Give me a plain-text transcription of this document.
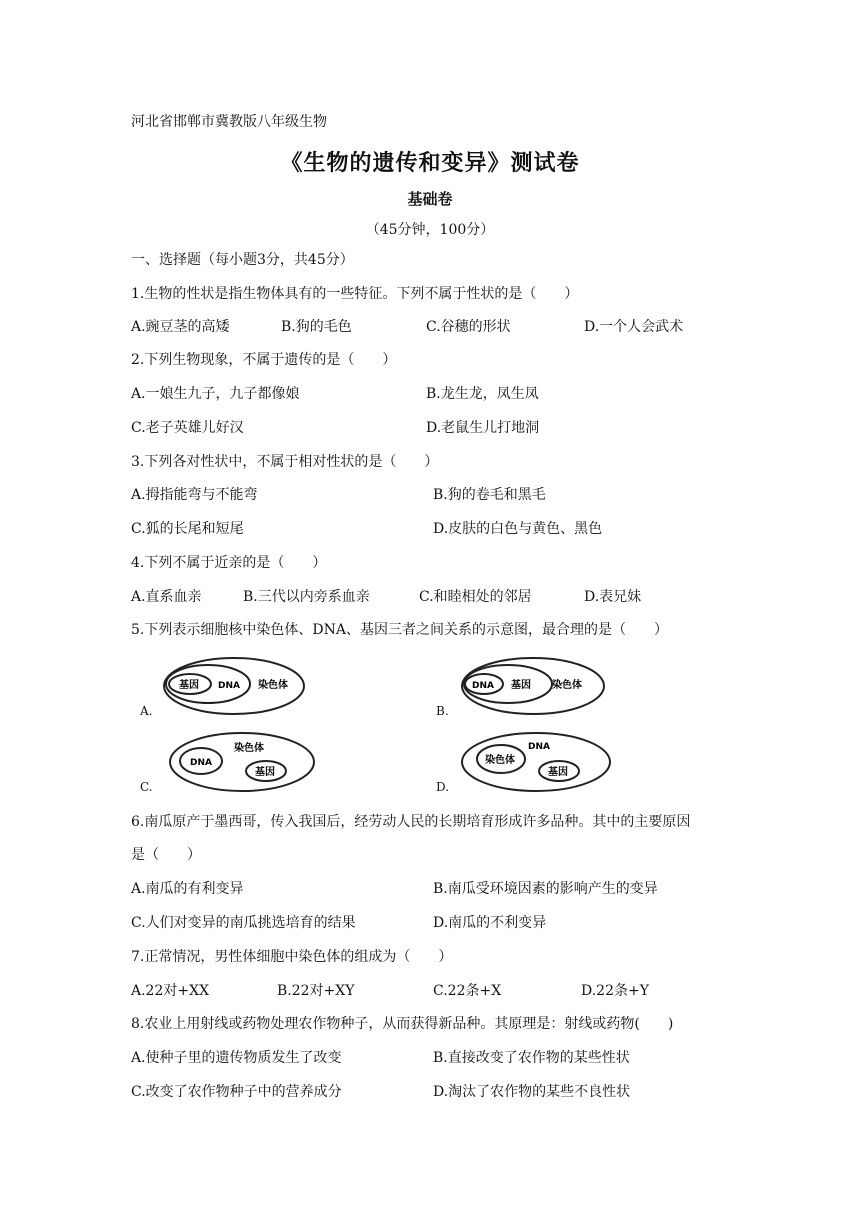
河北省邯郸市冀教版八年级生物
《生物的遗传和变异》测试卷
基础卷
（45分钟，100分）
一、选择题（每小题3分，共45分）
1.生物的性状是指生物体具有的一些特征。下列不属于性状的是（　　）
A.豌豆茎的高矮	B.狗的毛色	C.谷穗的形状	D.一个人会武术
2.下列生物现象，不属于遗传的是（　　）
A.一娘生九子，九子都像娘	B.龙生龙，凤生凤
C.老子英雄儿好汉	D.老鼠生儿打地洞
3.下列各对性状中，不属于相对性状的是（　　）
A.拇指能弯与不能弯	B.狗的卷毛和黑毛
C.狐的长尾和短尾	D.皮肤的白色与黄色、黑色
4.下列不属于近亲的是（　　）
A.直系血亲	B.三代以内旁系血亲	C.和睦相处的邻居	D.表兄妹
5.下列表示细胞核中染色体、DNA、基因三者之间关系的示意图，最合理的是（　　）
基因 DNA 染色体
A.
DNA 基因 染色体
B.
DNA
染色体
基因
C.
染色体
DNA
基因
D.
6.南瓜原产于墨西哥，传入我国后，经劳动人民的长期培育形成许多品种。其中的主要原因
是（　　）
A.南瓜的有利变异	B.南瓜受环境因素的影响产生的变异
C.人们对变异的南瓜挑选培育的结果	D.南瓜的不利变异
7.正常情况，男性体细胞中染色体的组成为（　　）
A.22对+XX	B.22对+XY	C.22条+X	D.22条+Y
8.农业上用射线或药物处理农作物种子，从而获得新品种。其原理是：射线或药物(　　)
A.使种子里的遗传物质发生了改变	B.直接改变了农作物的某些性状
C.改变了农作物种子中的营养成分	D.淘汰了农作物的某些不良性状
